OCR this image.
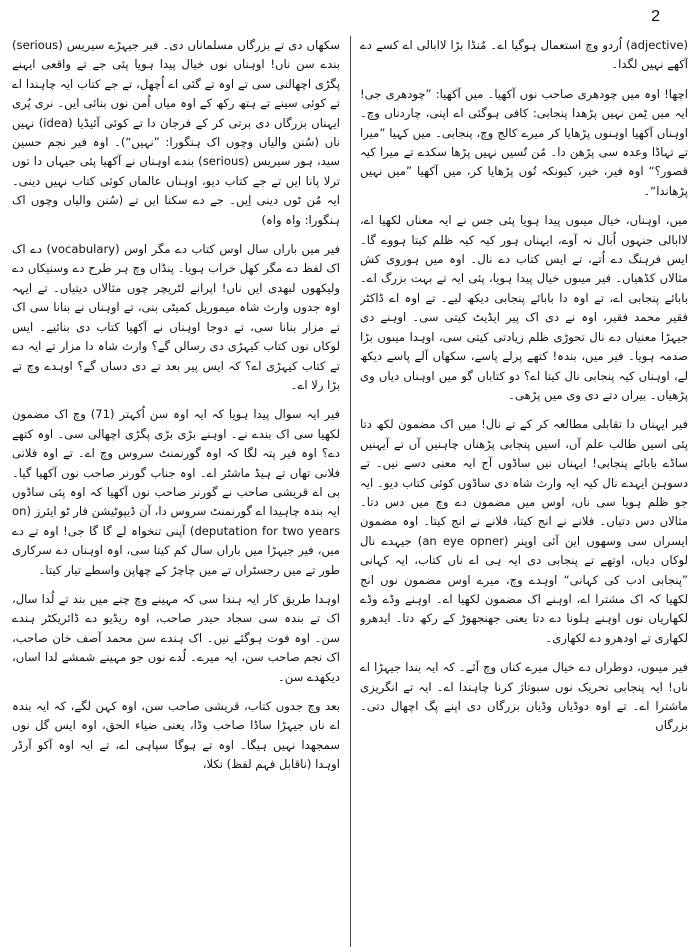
2

(adjective) اُردو وچ استعمال ہوگیا اے۔ مُنڈا بڑا لاابالی اے کسے دے آکھے نہیں لگدا۔

اچھا! اوہ میں چودھری صاحب نوں آکھیا۔ میں آکھیا: ”چودھری جی! ایہ میں ٹِمن نہیں پڑھدا پنجابی: کافی ہوگئی اے اپنی، چاردناں وچ۔ اوہناں آکھیا اوہنوں پڑھایا کر میرے کالج وچ، پنجابی۔ میں کہیا ”میرا تے تہاڈا وعدہ سی پڑھن دا۔ مُن تُسیں نہیں پڑھا سکدے تے میرا کیہ قصور؟“ اوہ فیر، خیر، کیونکہ تُوں پڑھایا کر، میں آکھیا ”میں نہیں پڑھاندا“۔

میں، اوہناں، خیال میںوں پیدا ہویا پئی جس نے ایہ معناں لکھیا اے، لاابالی جنہوں اُبال نہ آوے، ایہناں ہور کیہ کیہ ظلم کیتا ہووے گا۔ ایس فرہنگ دے اُتے، تے ایس کتاب دے نال۔ اوہ میں ہوروی کش مثالاں کڈھیاں۔ فیر میںوں خیال پیدا ہویا، پئی ایہ تے بہت بزرگ اے۔ بابائے پنجابی اے، تے اوہ دا بابائے پنجابی دیکھ لیے۔ تے اوہ اے ڈاکٹر فقیر محمد فقیر، اوہ نے دی اک پیر ایڈیٹ کیتی سی۔ اوہنے دی جیہڑا معنیاں دے نال تحوڑی ظلم زیادتی کیتی سی، اوہدا میںوں بڑا صدمہ ہویا۔ فیر میں، بندہ! کتھے پرلے پاسے، سکھاں آلے پاسے دیکھ لے، اوہناں کیہ پنجابی نال کیتا اے؟ دو کتاباں گو میں اوہناں دیاں وی پڑھیاں۔ بیراں دتے دی وی میں پڑھی۔

فیر ایہناں دا تقابلی مطالعہ کر کے تے نال! میں اک مضمون لکھ دتا پئی اسیں طالب علم آں، اسیں پنجابی پڑھناں چاہنیں آں تے آیہنیں ساڈے بابائے پنجابی! ایہناں نیں ساڈوں آج ایہ معنی دسے نیں۔ تے دسوہن ایہدے نال کیہ ایہ وارث شاہ دی ساڈوں کوئی کتاب دیو۔ ایہ جو ظلم ہویا سی ناں، اوس میں مضمون دے وچ میں دس دتا۔ مثالاں دس دتیاں۔ فلانے نے انج کیتا، فلانے نے انج کیتا۔ اوہ مضمون ایسراں سی وسھوں این آئی اوپنر (an eye opner) جیہدے نال لوکاں دیاں، اوتھے تے پنجابی دی ایہ ہی اے ناں کتاب، ایہ کہانی ”پنجابی ادب کی کہانی“ اوہدے وچ، میرے اوس مضمون نوں انج لکھیا کہ اک مشترا اے، اوہنے اک مضمون لکھیا اے۔ اوہنے وڈے وڈے لکھاریاں نوں اوہنے ہلونا دے دتا یعنی جھنجھوڑ کے رکھ دتا۔ ایدھرو لکھاری تے اودھرو دے لکھاری۔

فیر میںوں، دوطراں دے خیال میرے کناں وچ آئے۔ کہ ایہ بندا جیہڑا اے ناں! ایہ پنجابی تحریک نوں سبوتاژ کرنا چاہندا اے۔ ایہ تے انگریزی ماشترا اے۔ تے اوہ دوڈیاں وڈیاں بزرگاں دی اپنے پگ اچھال دتی۔ بزرگاں

سکھاں دی تے بزرگاں مسلماناں دی۔ فیر جیہڑے سیریس (serious) بندے سن ناں! اوہناں نوں خیال پیدا ہویا پئی جے تے واقعی ایہنے پگڑی اچھالنی سی تے اوہ تے گئی اے اُچھل، تے جے کتاب ایہ چاہندا اے تے کوئی سینے تے ہتھ رکھ کے اوہ میاں اُمن نوں بنائی ایں۔ نری پُری ایہناں بزرگاں دی برتی کر کے فرجان دا تے کوئی آئیڈیا (idea) نہیں ناں (سُنن والیاں وچوں اک ہنگورا: ”نہیں“)۔ اوہ فیر نجم حسین سید، ہور سیریس (serious) بندے اوہناں نے آکھیا پئی جیہاں دا توں ترلا پانا ایں تے جے کتاب دیو، اوہناں عالماں کوئی کتاب نہیں دینی۔ ایہ مُن ٹوں دینی اِیں۔ جے دے سکنا ایں تے (سُنن والیاں وچوں اک ہنگورا: واہ واہ)

فیر میں باراں سال اوس کتاب دے مگر اوس (vocabulary) دے اک اک لفظ دے مگر کھل خراب ہویا۔ پنڈاں وچ ہر طرح دے وسنیکاں دے ولیکھوں لبھدی ایں ناں! اپرانے لٹریچر چوں مثالاں دیتیاں۔ تے ایہہ اوہ جدوں وارث شاہ میموریل کمیٹی بنی، تے اوہناں نے بنانا سی اک تے مزار بنانا سی، تے دوجا اوہناں نے آکھیا کتاب دی بنائیے۔ ایس لوکاں نوں کتاب کیہڑی دی رسالں گے؟ وارث شاہ دا مزار تے ایہ دے تے کتاب کیہڑی اے؟ کہ ایس پیر بعد تے دی دساں گے؟ اوہدے وچ تے بڑا رلا اے۔

فیر ایہ سوال پیدا ہویا کہ ایہ اوہ سن اُکہتر (71) وچ اک مضمون لکھیا سی اک بندے نے۔ اوہنے بڑی بڑی پگڑی اچھالی سی۔ اوہ کتھے دے؟ اوہ فیر پتہ لگا کہ اوہ گورنمنٹ سروس وچ اے۔ تے اوہ فلانی فلانی تھاں تے ہیڈ ماشٹر اے۔ اوہ جناب گورنر صاحب نوں آکھیا گیا۔ بی اے قریشی صاحب نے گورنر صاحب نوں آکھیا کہ اوہ پئی ساڈوں ایہ بندہ چاہیدا اے گورنمنٹ سروس دا، آن ڈیپوٹیشن فار ٹو ایئرز (on deputation for two years) آپنی تنخواہ لے گا گا جی! اوہ تے دے میں، فیر جیہڑا میں باراں سال کم کیتا سی، اوہ اوہناں دے سرکاری طور تے میں رجسٹراں تے میں چاچڑ کے چھاپن واسطے تیار کیتا۔

اوہدا طریق کار ایہ ہندا سی کہ مہینے وچ چنے میں بند تے لُدا سال، اک تے بندہ سی سجاد حیدر صاحب، اوہ ریڈیو دے ڈائریکٹر ہندے سن۔ اوہ فوت ہوگئے نیں۔ اک ہندے سن محمد آصف خان صاحب، اک نجم صاحب سن، ایہ میرے۔ لُدے نوں جو مہینے شمشے لدا اساں، دیکھدے سن۔

بعد وچ جدوں کتاب، قریشی صاحب سن، اوہ کہن لگے، کہ ایہ بندہ اے ناں جیہڑا ساڈا صاحب وڈا، یعنی ضیاء الحق، اوہ ایس گل نوں سمجھدا نہیں ہیگا۔ اوہ تے ہوگا سپاہی اے، تے ایہ اوہ آکو آرڈر اوہدا (ناقابل فہم لفظ) نکلا،
